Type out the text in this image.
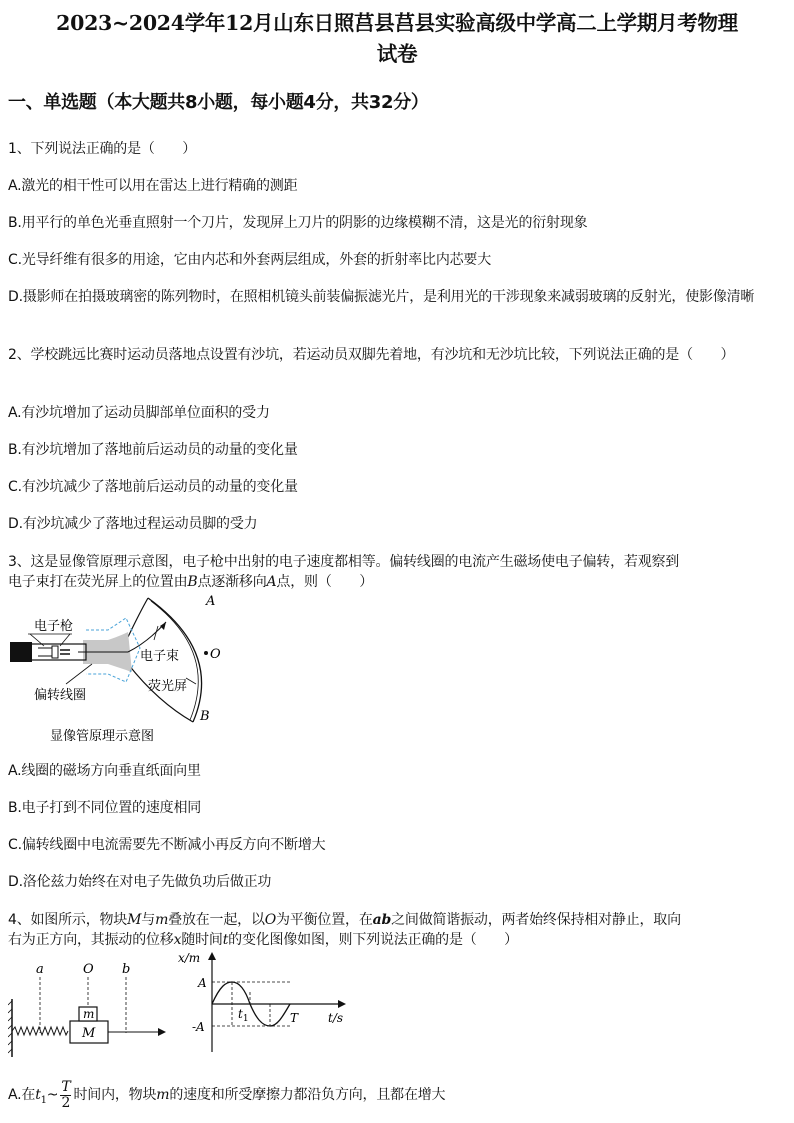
2023~2024学年12月山东日照莒县莒县实验高级中学高二上学期月考物理
试卷
一、单选题（本大题共8小题，每小题4分，共32分）
1、下列说法正确的是（　　）
A.激光的相干性可以用在雷达上进行精确的测距
B.用平行的单色光垂直照射一个刀片，发现屏上刀片的阴影的边缘模糊不清，这是光的衍射现象
C.光导纤维有很多的用途，它由内芯和外套两层组成，外套的折射率比内芯要大
D.摄影师在拍摄玻璃密的陈列物时，在照相机镜头前装偏振滤光片，是利用光的干涉现象来减弱玻璃的反射光，使影像清晰
2、学校跳远比赛时运动员落地点设置有沙坑，若运动员双脚先着地，有沙坑和无沙坑比较，下列说法正确的是（　　）
A.有沙坑增加了运动员脚部单位面积的受力
B.有沙坑增加了落地前后运动员的动量的变化量
C.有沙坑减少了落地前后运动员的动量的变化量
D.有沙坑减少了落地过程运动员脚的受力
3、这是显像管原理示意图，电子枪中出射的电子速度都相等。偏转线圈的电流产生磁场使电子偏转，若观察到
电子束打在荧光屏上的位置由B点逐渐移向A点，则（　　）
电子枪
电子束
荧光屏
偏转线圈
A
B
O
显像管原理示意图
A.线圈的磁场方向垂直纸面向里
B.电子打到不同位置的速度相同
C.偏转线圈中电流需要先不断减小再反方向不断增大
D.洛伦兹力始终在对电子先做负功后做正功
4、如图所示，物块M与m叠放在一起，以O为平衡位置，在ab之间做简谐振动，两者始终保持相对静止，取向
右为正方向，其振动的位移x随时间t的变化图像如图，则下列说法正确的是（　　）
a	O b
m
M
x/m
t/s
A
-A
$t_1$	T
A.在$t_1\sim \frac{T}{2}$ 时间内，物块m的速度和所受摩擦力都沿负方向，且都在增大
